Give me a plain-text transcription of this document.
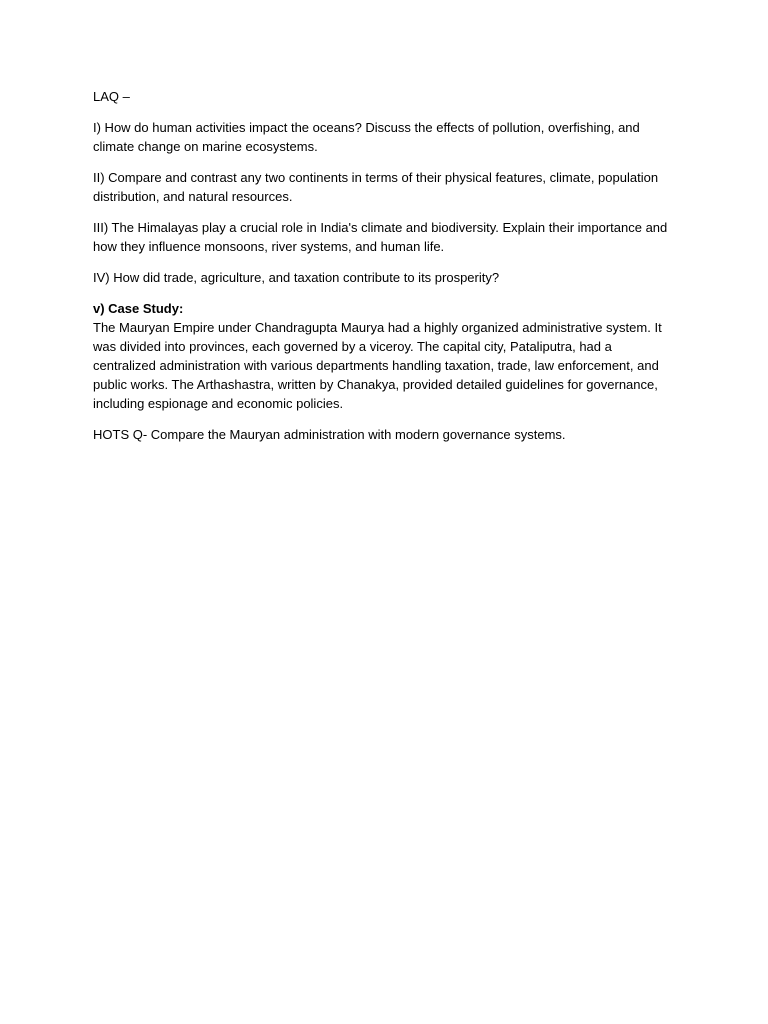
LAQ –

I) How do human activities impact the oceans? Discuss the effects of pollution, overfishing, and climate change on marine ecosystems.

II) Compare and contrast any two continents in terms of their physical features, climate, population distribution, and natural resources.

III) The Himalayas play a crucial role in India's climate and biodiversity. Explain their importance and how they influence monsoons, river systems, and human life.

IV) How did trade, agriculture, and taxation contribute to its prosperity?

v) Case Study:

The Mauryan Empire under Chandragupta Maurya had a highly organized administrative system. It was divided into provinces, each governed by a viceroy. The capital city, Pataliputra, had a centralized administration with various departments handling taxation, trade, law enforcement, and public works. The Arthashastra, written by Chanakya, provided detailed guidelines for governance, including espionage and economic policies.

HOTS Q- Compare the Mauryan administration with modern governance systems.
